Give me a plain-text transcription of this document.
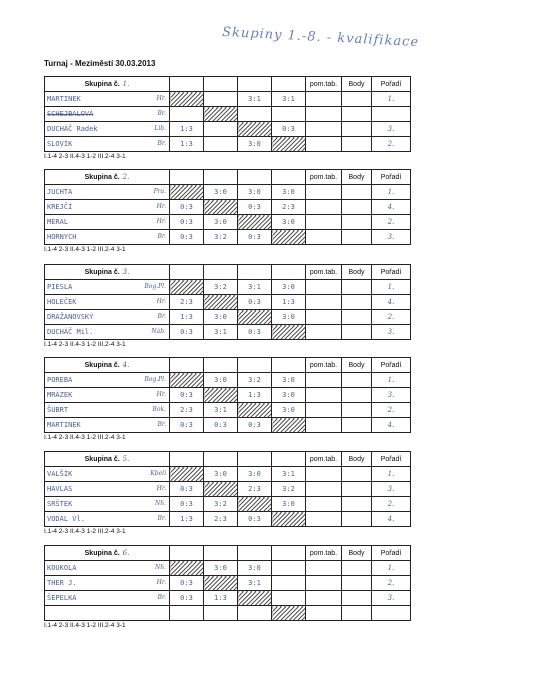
Skupiny 1.-8. - kvalifikace
Turnaj - Meziměstí 30.03.2013
Skupina č. 1.					pom.tab.	Body	Pořadí
MARTINEK Hr.			3:1	3:1			1.
SCHEJBALOVÁ Br.							

DUCHÁČ Radek Lib.	1:3			0:3			3.
SLOVÍK Br.	1:3		3:0				2.
I.1-4 2-3 II.4-3 1-2 III.2-4 3-1
Skupina č. 2.					pom.tab.	Body	Pořadí
JUCHTA Pra.		3:0	3:0	3:0			1.
KREJČÍ Hr.	0:3		0:3	2:3			4.
MERAL Hr.	0:3	3:0		3:0			2.
HORNYCH Br.	0:3	3:2	0:3				3.
I.1-4 2-3 II.4-3 1-2 III.2-4 3-1
Skupina č. 3.					pom.tab.	Body	Pořadí
PIESLA Bog.Pl.		3:2	3:1	3:0			1.
HOLEČEK Hr.	2:3		0:3	1:3			4.
DRAŽANOVSKÝ Br.	1:3	3:0		3:0			2.
DUCHÁČ Mil. Náb.	0:3	3:1	0:3				3.
I.1-4 2-3 II.4-3 1-2 III.2-4 3-1
Skupina č. 4.					pom.tab.	Body	Pořadí
POREBA Bog.Pl.		3:0	3:2	3:0			1.
MRÁZEK Hr.	0:3		1:3	3:0			3.
ŠUBRT Bok.	2:3	3:1		3:0			2.
MARTINEK Br.	0:3	0:3	0:3				4.
I.1-4 2-3 II.4-3 1-2 III.2-4 3-1
Skupina č. 5.					pom.tab.	Body	Pořadí
VALŠÍK Kbelí		3:0	3:0	3:1			1.
HAVLAS Hr.	0:3		2:3	3:2			3.
SRŠTEK Nh.	0:3	3:2		3:0			2.
VODAL Vl. Br.	1:3	2:3	0:3				4.
I.1-4 2-3 II.4-3 1-2 III.2-4 3-1
Skupina č. 6.					pom.tab.	Body	Pořadí
KOUKOLA Nh.		3:0	3:0				1.
THER J. Hr.	0:3		3:1				2.
ŠEPELKA Br.	0:3	1:3					3.

I.1-4 2-3 II.4-3 1-2 III.2-4 3-1
